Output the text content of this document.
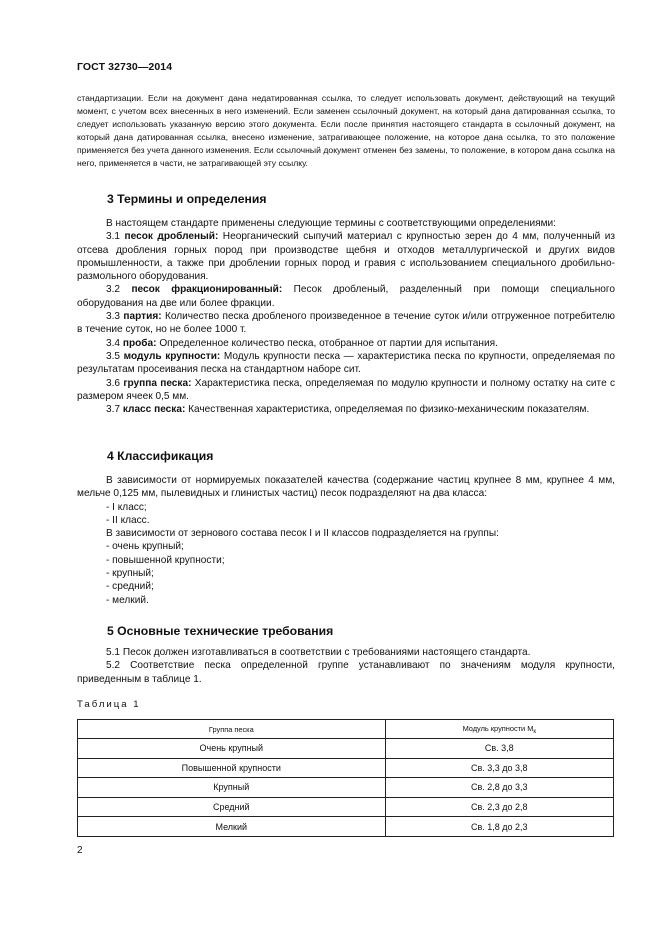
ГОСТ 32730—2014
стандартизации. Если на документ дана недатированная ссылка, то следует использовать документ, действующий на текущий момент, с учетом всех внесенных в него изменений. Если заменен ссылочный документ, на который дана датированная ссылка, то следует использовать указанную версию этого документа. Если после принятия настоящего стандарта в ссылочный документ, на который дана датированная ссылка, внесено изменение, затрагивающее положение, на которое дана ссылка, то это положение применяется без учета данного изменения. Если ссылочный документ отменен без замены, то положение, в котором дана ссылка на него, применяется в части, не затрагивающей эту ссылку.
3 Термины и определения
В настоящем стандарте применены следующие термины с соответствующими определениями:
3.1 песок дробленый: Неорганический сыпучий материал с крупностью зерен до 4 мм, полученный из отсева дробления горных пород при производстве щебня и отходов металлургической и других видов промышленности, а также при дроблении горных пород и гравия с использованием специального дробильно-размольного оборудования.
3.2 песок фракционированный: Песок дробленый, разделенный при помощи специального оборудования на две или более фракции.
3.3 партия: Количество песка дробленого произведенное в течение суток и/или отгруженное потребителю в течение суток, но не более 1000 т.
3.4 проба: Определенное количество песка, отобранное от партии для испытания.
3.5 модуль крупности: Модуль крупности песка — характеристика песка по крупности, определяемая по результатам просеивания песка на стандартном наборе сит.
3.6 группа песка: Характеристика песка, определяемая по модулю крупности и полному остатку на сите с размером ячеек 0,5 мм.
3.7 класс песка: Качественная характеристика, определяемая по физико-механическим показателям.
4 Классификация
В зависимости от нормируемых показателей качества (содержание частиц крупнее 8 мм, крупнее 4 мм, мельче 0,125 мм, пылевидных и глинистых частиц) песок подразделяют на два класса:
- I класс;
- II класс.
В зависимости от зернового состава песок I и II классов подразделяется на группы:
- очень крупный;
- повышенной крупности;
- крупный;
- средний;
- мелкий.
5 Основные технические требования
5.1 Песок должен изготавливаться в соответствии с требованиями настоящего стандарта.
5.2 Соответствие песка определенной группе устанавливают по значениям модуля крупности, приведенным в таблице 1.
Таблица 1
Группа песка	Модуль крупности $М_к$
Очень крупный	Св. 3,8
Повышенной крупности	Св. 3,3 до 3,8
Крупный	Св. 2,8 до 3,3
Средний	Св. 2,3 до 2,8
Мелкий	Св. 1,8 до 2,3
2
